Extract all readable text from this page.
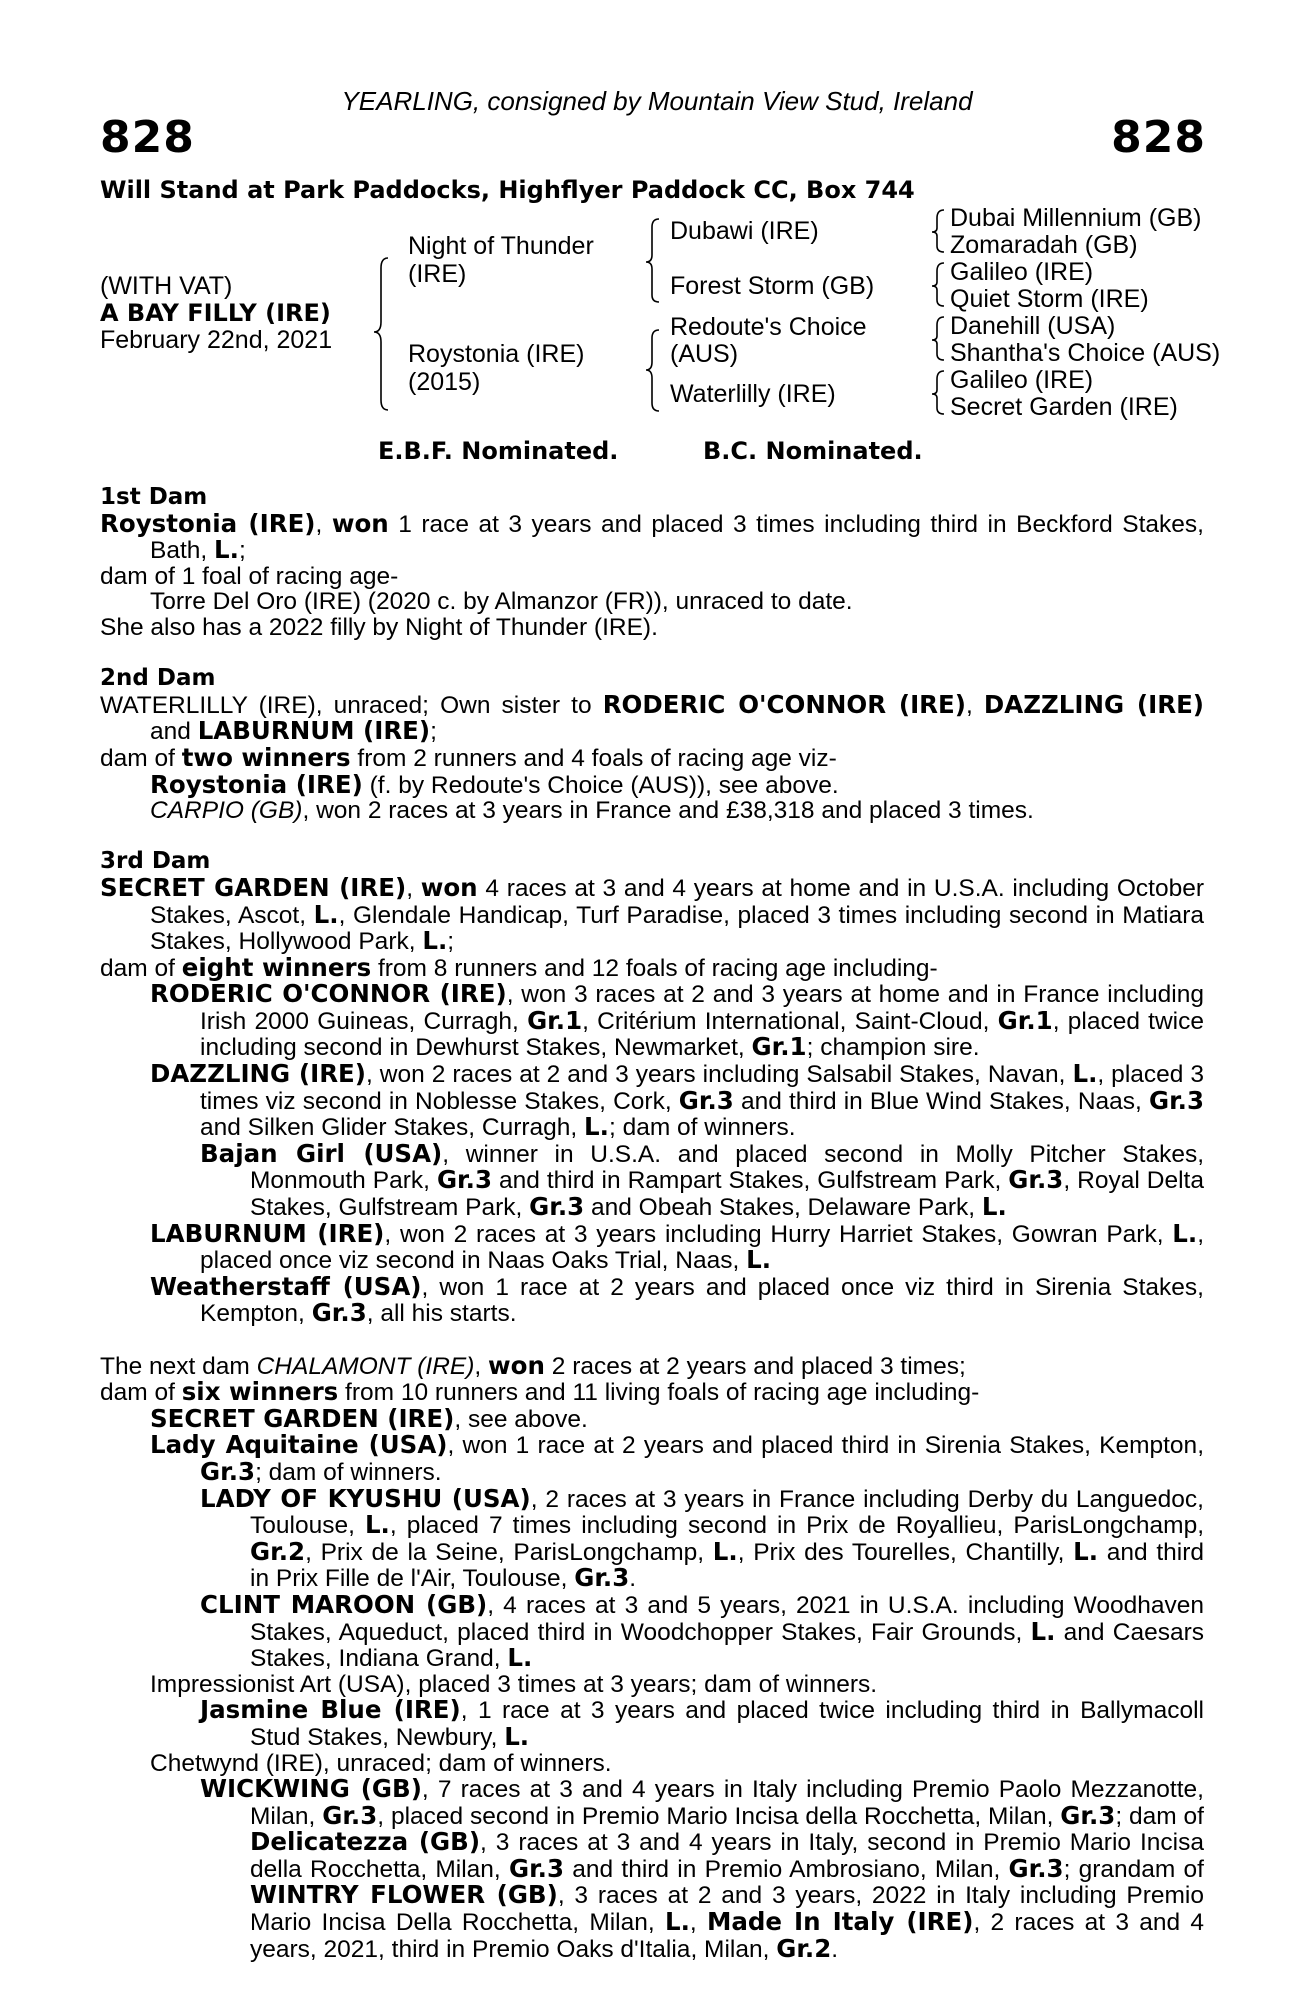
YEARLING, consigned by Mountain View Stud, Ireland
828	828
Will Stand at Park Paddocks, Highflyer Paddock CC, Box 744
(WITH VAT)
A BAY FILLY (IRE)
February 22nd, 2021
Night of Thunder
(IRE)
Roystonia (IRE)
(2015)
Dubawi (IRE)
Forest Storm (GB)
Redoute's Choice
(AUS)
Waterlilly (IRE)
Dubai Millennium (GB)
Zomaradah (GB)
Galileo (IRE)
Quiet Storm (IRE)
Danehill (USA)
Shantha's Choice (AUS)
Galileo (IRE)
Secret Garden (IRE)
E.B.F. Nominated.	B.C. Nominated.

1st Dam

Roystonia (IRE), won 1 race at 3 years and placed 3 times including third in Beckford Stakes, Bath, L.;

dam of 1 foal of racing age-

Torre Del Oro (IRE) (2020 c. by Almanzor (FR)), unraced to date.

She also has a 2022 filly by Night of Thunder (IRE).

2nd Dam

WATERLILLY (IRE), unraced; Own sister to RODERIC O'CONNOR (IRE), DAZZLING (IRE) and LABURNUM (IRE);

dam of two winners from 2 runners and 4 foals of racing age viz-

Roystonia (IRE) (f. by Redoute's Choice (AUS)), see above.

CARPIO (GB), won 2 races at 3 years in France and £38,318 and placed 3 times.

3rd Dam

SECRET GARDEN (IRE), won 4 races at 3 and 4 years at home and in U.S.A. including October Stakes, Ascot, L., Glendale Handicap, Turf Paradise, placed 3 times including second in Matiara Stakes, Hollywood Park, L.;

dam of eight winners from 8 runners and 12 foals of racing age including-

RODERIC O'CONNOR (IRE), won 3 races at 2 and 3 years at home and in France including Irish 2000 Guineas, Curragh, Gr.1, Critérium International, Saint-Cloud, Gr.1, placed twice including second in Dewhurst Stakes, Newmarket, Gr.1; champion sire.

DAZZLING (IRE), won 2 races at 2 and 3 years including Salsabil Stakes, Navan, L., placed 3 times viz second in Noblesse Stakes, Cork, Gr.3 and third in Blue Wind Stakes, Naas, Gr.3 and Silken Glider Stakes, Curragh, L.; dam of winners.

Bajan Girl (USA), winner in U.S.A. and placed second in Molly Pitcher Stakes, Monmouth Park, Gr.3 and third in Rampart Stakes, Gulfstream Park, Gr.3, Royal Delta Stakes, Gulfstream Park, Gr.3 and Obeah Stakes, Delaware Park, L.

LABURNUM (IRE), won 2 races at 3 years including Hurry Harriet Stakes, Gowran Park, L., placed once viz second in Naas Oaks Trial, Naas, L.

Weatherstaff (USA), won 1 race at 2 years and placed once viz third in Sirenia Stakes, Kempton, Gr.3, all his starts.

The next dam CHALAMONT (IRE), won 2 races at 2 years and placed 3 times;

dam of six winners from 10 runners and 11 living foals of racing age including-

SECRET GARDEN (IRE), see above.

Lady Aquitaine (USA), won 1 race at 2 years and placed third in Sirenia Stakes, Kempton, Gr.3; dam of winners.

LADY OF KYUSHU (USA), 2 races at 3 years in France including Derby du Languedoc, Toulouse, L., placed 7 times including second in Prix de Royallieu, ParisLongchamp, Gr.2, Prix de la Seine, ParisLongchamp, L., Prix des Tourelles, Chantilly, L. and third in Prix Fille de l'Air, Toulouse, Gr.3.

CLINT MAROON (GB), 4 races at 3 and 5 years, 2021 in U.S.A. including Woodhaven Stakes, Aqueduct, placed third in Woodchopper Stakes, Fair Grounds, L. and Caesars Stakes, Indiana Grand, L.

Impressionist Art (USA), placed 3 times at 3 years; dam of winners.

Jasmine Blue (IRE), 1 race at 3 years and placed twice including third in Ballymacoll Stud Stakes, Newbury, L.

Chetwynd (IRE), unraced; dam of winners.

WICKWING (GB), 7 races at 3 and 4 years in Italy including Premio Paolo Mezzanotte, Milan, Gr.3, placed second in Premio Mario Incisa della Rocchetta, Milan, Gr.3; dam of Delicatezza (GB), 3 races at 3 and 4 years in Italy, second in Premio Mario Incisa della Rocchetta, Milan, Gr.3 and third in Premio Ambrosiano, Milan, Gr.3; grandam of WINTRY FLOWER (GB), 3 races at 2 and 3 years, 2022 in Italy including Premio Mario Incisa Della Rocchetta, Milan, L., Made In Italy (IRE), 2 races at 3 and 4 years, 2021, third in Premio Oaks d'Italia, Milan, Gr.2.
